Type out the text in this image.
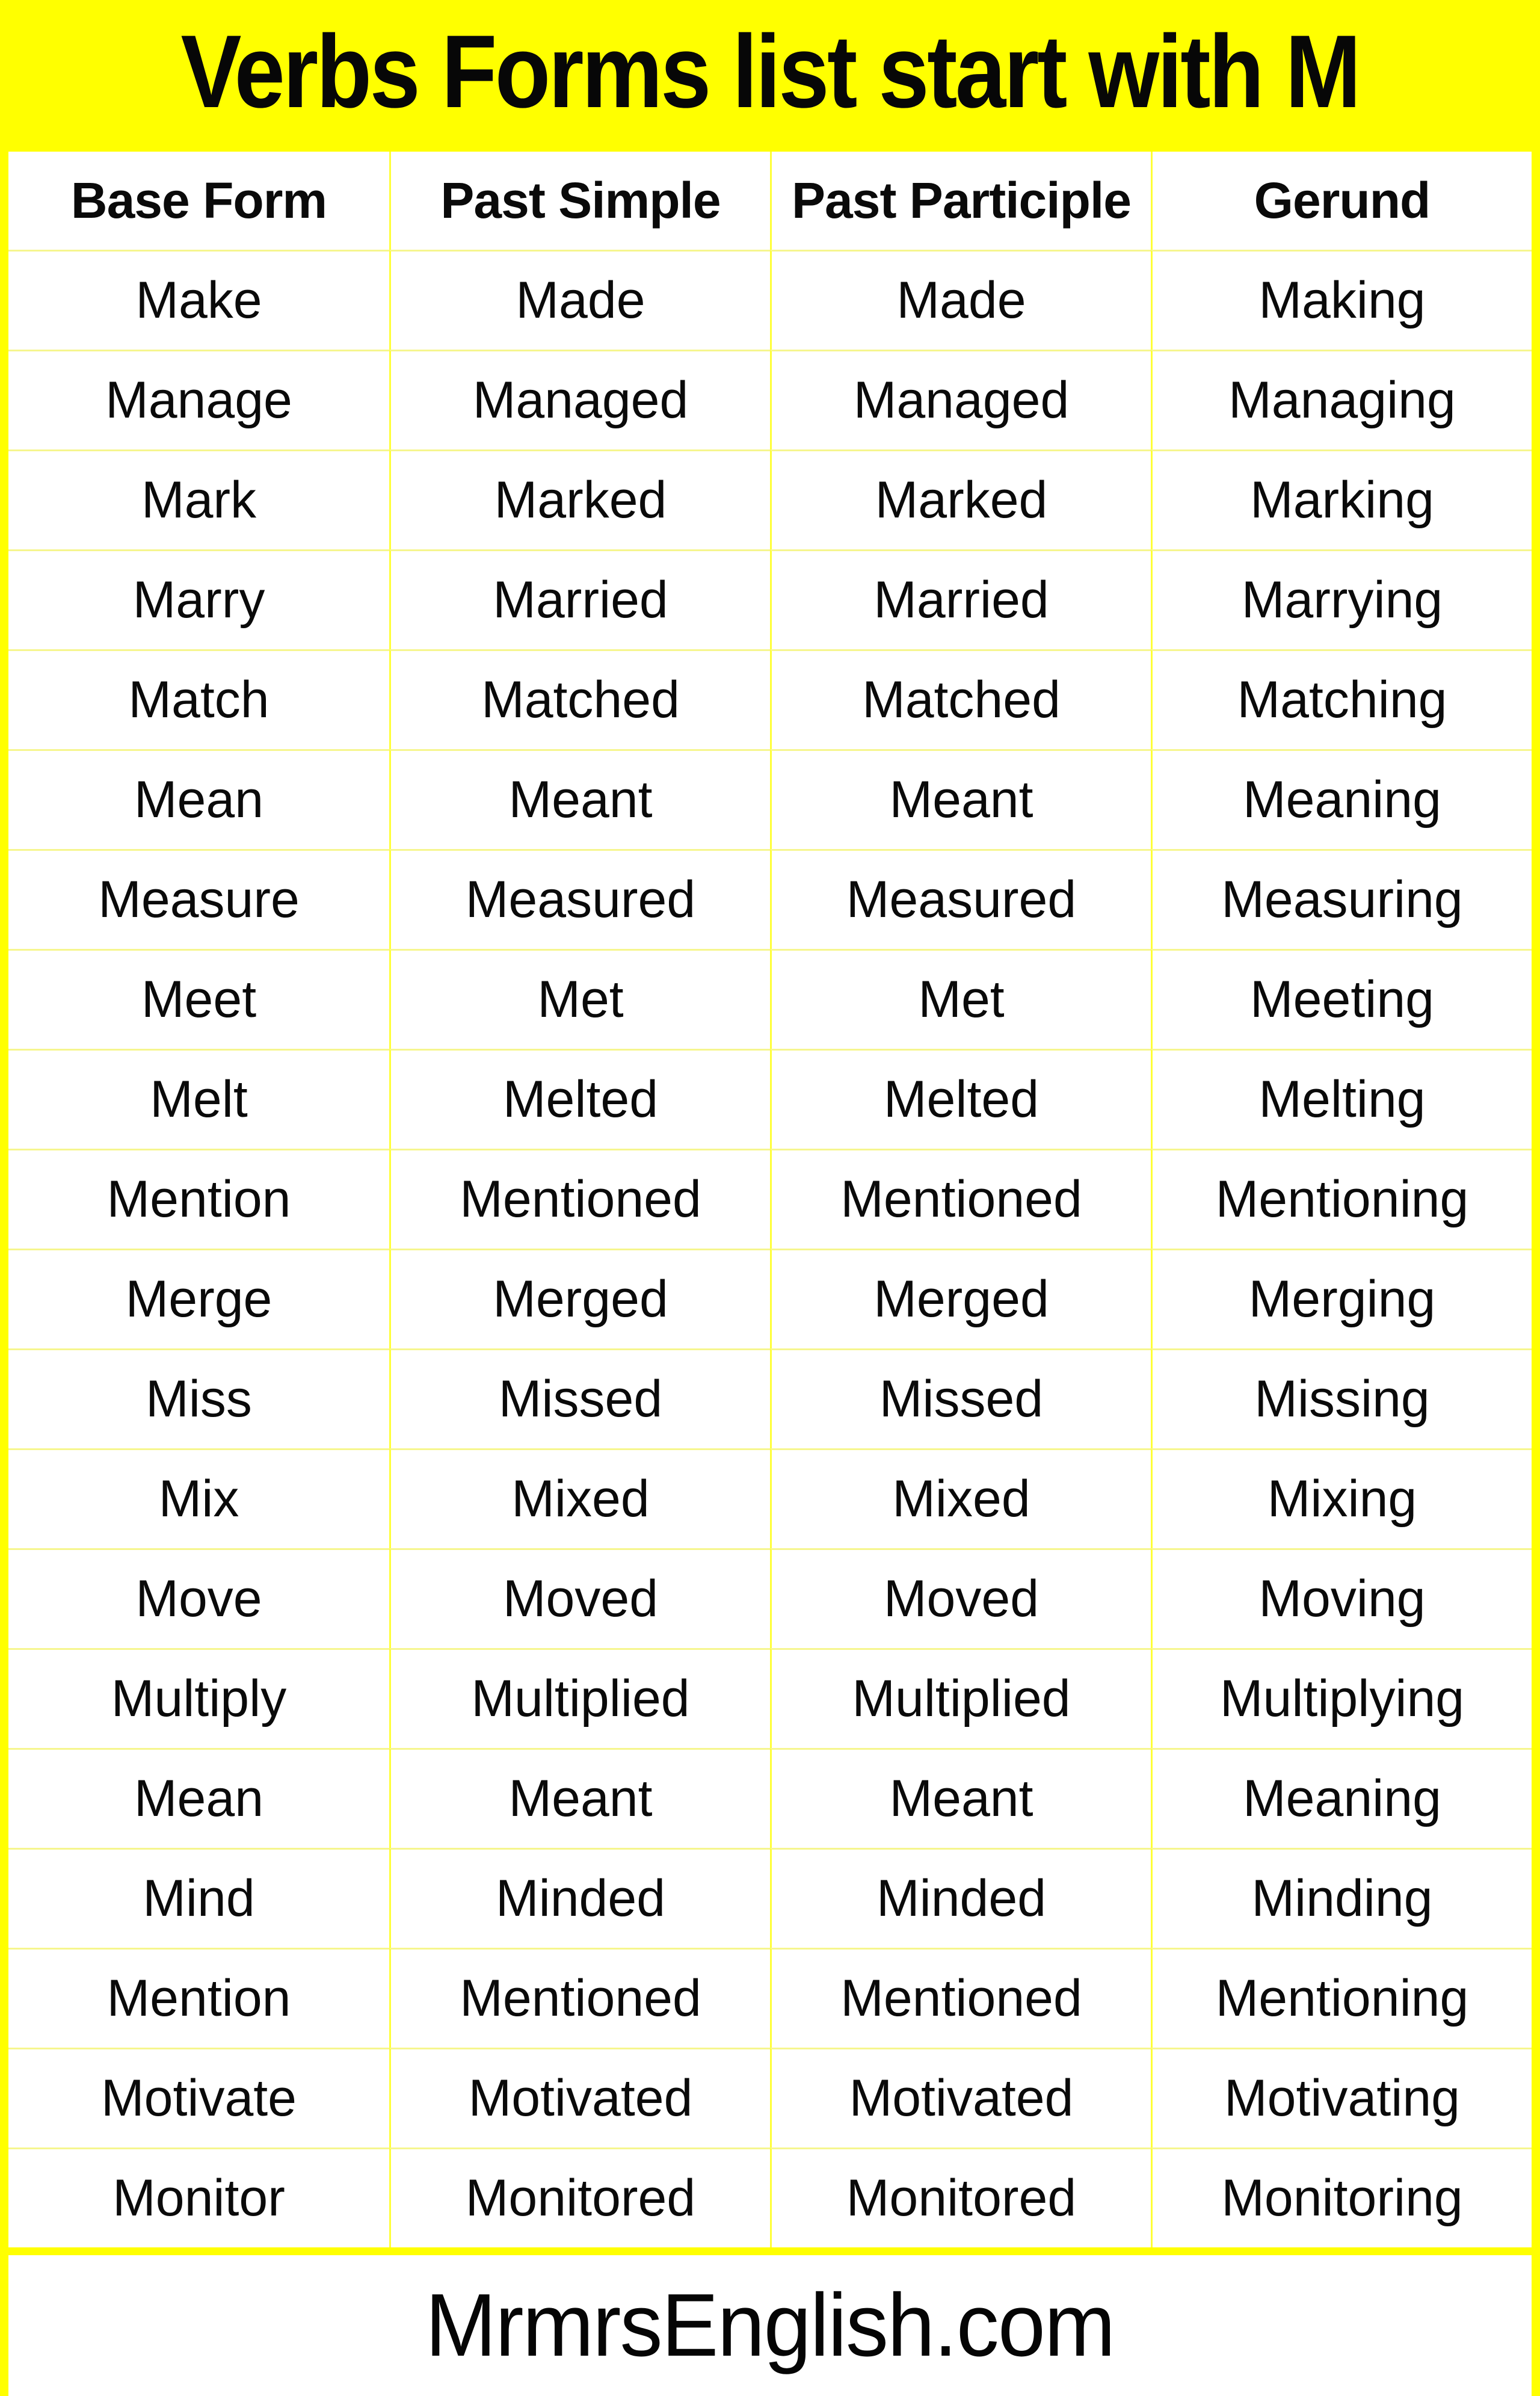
Verbs Forms list start with M
Base Form	Past Simple	Past Participle	Gerund
Make	Made	Made	Making
Manage	Managed	Managed	Managing
Mark	Marked	Marked	Marking
Marry	Married	Married	Marrying
Match	Matched	Matched	Matching
Mean	Meant	Meant	Meaning
Measure	Measured	Measured	Measuring
Meet	Met	Met	Meeting
Melt	Melted	Melted	Melting
Mention	Mentioned	Mentioned	Mentioning
Merge	Merged	Merged	Merging
Miss	Missed	Missed	Missing
Mix	Mixed	Mixed	Mixing
Move	Moved	Moved	Moving
Multiply	Multiplied	Multiplied	Multiplying
Mean	Meant	Meant	Meaning
Mind	Minded	Minded	Minding
Mention	Mentioned	Mentioned	Mentioning
Motivate	Motivated	Motivated	Motivating
Monitor	Monitored	Monitored	Monitoring
MrmrsEnglish.com
